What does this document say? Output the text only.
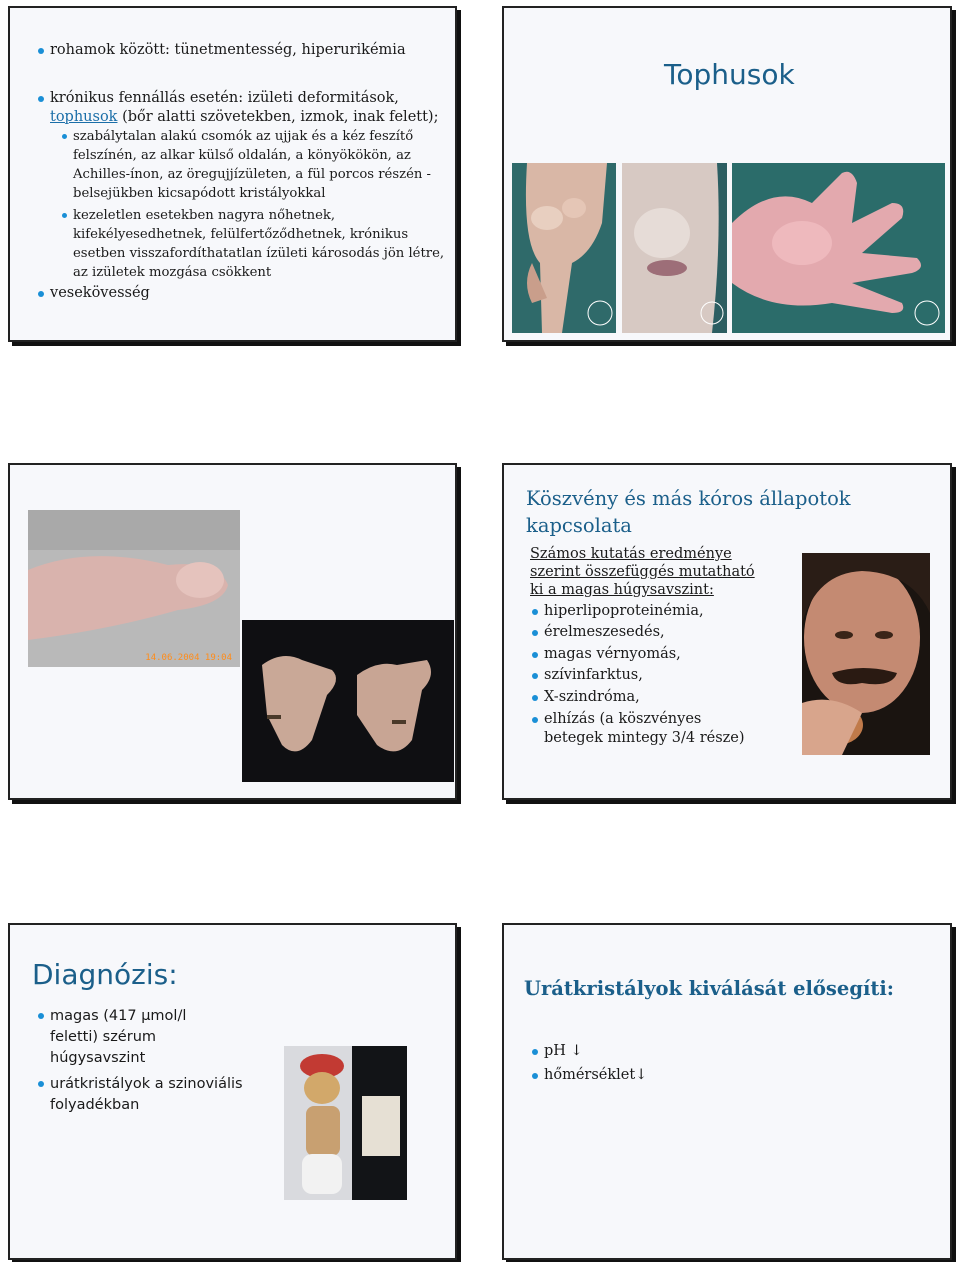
rohamok között: tünetmentesség, hiperurikémia
krónikus fennállás esetén: izületi deformitások,
tophusok (bőr alatti szövetekben, izmok, inak felett);
szabálytalan alakú csomók az ujjak és a kéz feszítő felszínén, az alkar külső oldalán, a könyökökön, az Achilles-ínon, az öregujjízületen, a fül porcos részén - belsejükben kicsapódott kristályokkal
kezeletlen esetekben nagyra nőhetnek, kifekélyesedhetnek, felülfertőződhetnek, krónikus esetben visszafordíthatatlan ízületi károsodás jön létre, az izületek mozgása csökkent
vesekövesség
Tophusok
14.06.2004 19:04
Köszvény és más kóros állapotok kapcsolata
Számos kutatás eredménye szerint összefüggés mutatható ki a magas húgysavszint:
hiperlipoproteinémia,
érelmeszesedés,
magas vérnyomás,
szívinfarktus,
X-szindróma,
elhízás (a köszvényes betegek mintegy 3/4 része)
Diagnózis:
magas (417 μmol/l feletti) szérum húgysavszint
urátkristályok a szinoviális folyadékban
Urátkristályok kiválását elősegíti:
pH ↓
hőmérséklet↓
